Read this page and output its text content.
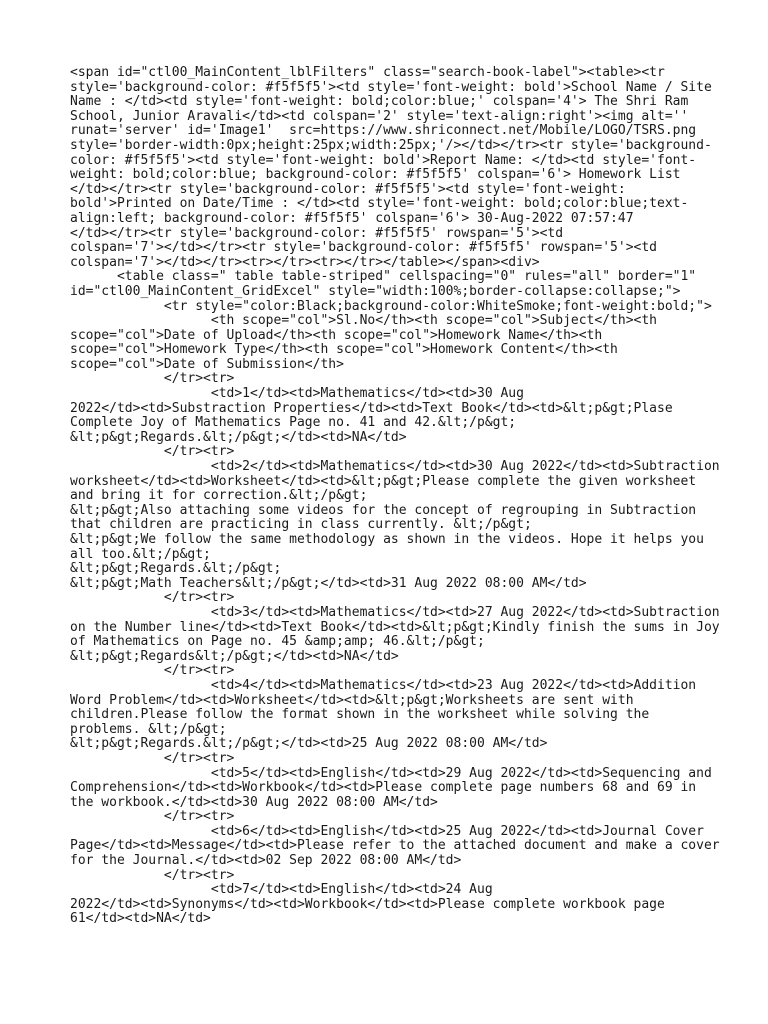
<span id="ctl00_MainContent_lblFilters" class="search-book-label"><table><tr
style='background-color: #f5f5f5'><td style='font-weight: bold'>School Name / Site
Name : </td><td style='font-weight: bold;color:blue;' colspan='4'> The Shri Ram
School, Junior Aravali</td><td colspan='2' style='text-align:right'><img alt=''
runat='server' id='Image1'  src=https://www.shriconnect.net/Mobile/LOGO/TSRS.png
style='border-width:0px;height:25px;width:25px;'/></td></tr><tr style='background-
color: #f5f5f5'><td style='font-weight: bold'>Report Name: </td><td style='font-
weight: bold;color:blue; background-color: #f5f5f5' colspan='6'> Homework List
</td></tr><tr style='background-color: #f5f5f5'><td style='font-weight:
bold'>Printed on Date/Time : </td><td style='font-weight: bold;color:blue;text-
align:left; background-color: #f5f5f5' colspan='6'> 30-Aug-2022 07:57:47
</td></tr><tr style='background-color: #f5f5f5' rowspan='5'><td
colspan='7'></td></tr><tr style='background-color: #f5f5f5' rowspan='5'><td
colspan='7'></td></tr><tr></tr><tr></tr></table></span><div>
<table class=" table table-striped" cellspacing="0" rules="all" border="1"
id="ctl00_MainContent_GridExcel" style="width:100%;border-collapse:collapse;">
<tr style="color:Black;background-color:WhiteSmoke;font-weight:bold;">
<th scope="col">Sl.No</th><th scope="col">Subject</th><th
scope="col">Date of Upload</th><th scope="col">Homework Name</th><th
scope="col">Homework Type</th><th scope="col">Homework Content</th><th
scope="col">Date of Submission</th>
</tr><tr>
<td>1</td><td>Mathematics</td><td>30 Aug
2022</td><td>Substraction Properties</td><td>Text Book</td><td>&lt;p&gt;Plase
Complete Joy of Mathematics Page no. 41 and 42.&lt;/p&gt;
&lt;p&gt;Regards.&lt;/p&gt;</td><td>NA</td>
</tr><tr>
<td>2</td><td>Mathematics</td><td>30 Aug 2022</td><td>Subtraction
worksheet</td><td>Worksheet</td><td>&lt;p&gt;Please complete the given worksheet
and bring it for correction.&lt;/p&gt;
&lt;p&gt;Also attaching some videos for the concept of regrouping in Subtraction
that children are practicing in class currently. &lt;/p&gt;
&lt;p&gt;We follow the same methodology as shown in the videos. Hope it helps you
all too.&lt;/p&gt;
&lt;p&gt;Regards.&lt;/p&gt;
&lt;p&gt;Math Teachers&lt;/p&gt;</td><td>31 Aug 2022 08:00 AM</td>
</tr><tr>
<td>3</td><td>Mathematics</td><td>27 Aug 2022</td><td>Subtraction
on the Number line</td><td>Text Book</td><td>&lt;p&gt;Kindly finish the sums in Joy
of Mathematics on Page no. 45 &amp;amp; 46.&lt;/p&gt;
&lt;p&gt;Regards&lt;/p&gt;</td><td>NA</td>
</tr><tr>
<td>4</td><td>Mathematics</td><td>23 Aug 2022</td><td>Addition
Word Problem</td><td>Worksheet</td><td>&lt;p&gt;Worksheets are sent with
children.Please follow the format shown in the worksheet while solving the
problems. &lt;/p&gt;
&lt;p&gt;Regards.&lt;/p&gt;</td><td>25 Aug 2022 08:00 AM</td>
</tr><tr>
<td>5</td><td>English</td><td>29 Aug 2022</td><td>Sequencing and
Comprehension</td><td>Workbook</td><td>Please complete page numbers 68 and 69 in
the workbook.</td><td>30 Aug 2022 08:00 AM</td>
</tr><tr>
<td>6</td><td>English</td><td>25 Aug 2022</td><td>Journal Cover
Page</td><td>Message</td><td>Please refer to the attached document and make a cover
for the Journal.</td><td>02 Sep 2022 08:00 AM</td>
</tr><tr>
<td>7</td><td>English</td><td>24 Aug
2022</td><td>Synonyms</td><td>Workbook</td><td>Please complete workbook page
61</td><td>NA</td>
